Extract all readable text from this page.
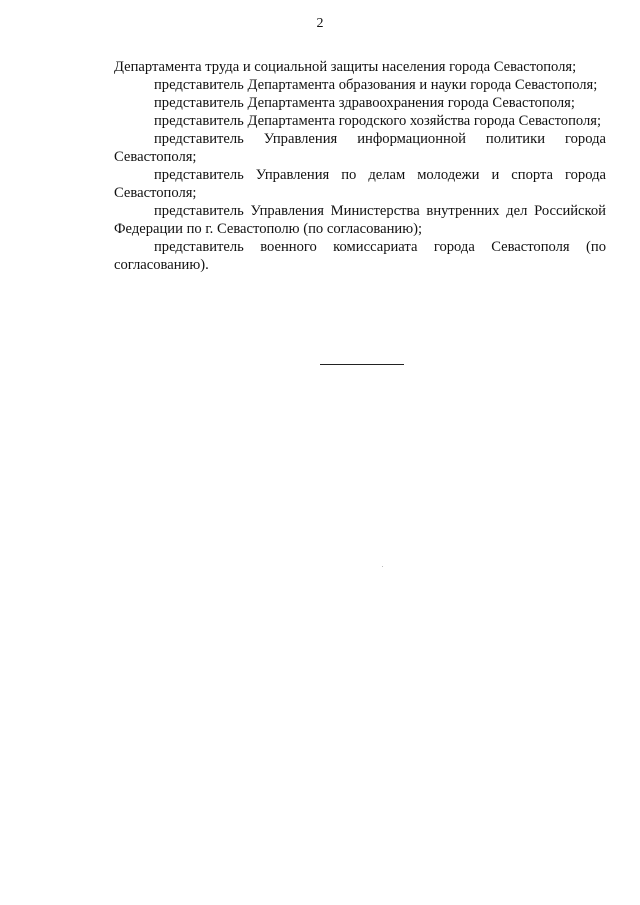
2

Департамента труда и социальной защиты населения города Севастополя;

представитель Департамента образования и науки города Севастополя;

представитель Департамента здравоохранения города Севастополя;

представитель Департамента городского хозяйства города Севастополя;

представитель Управления информационной политики города Севастополя;

представитель Управления по делам молодежи и спорта города Севастополя;

представитель Управления Министерства внутренних дел Российской Федерации по г. Севастополю (по согласованию);

представитель военного комиссариата города Севастополя (по согласованию).
